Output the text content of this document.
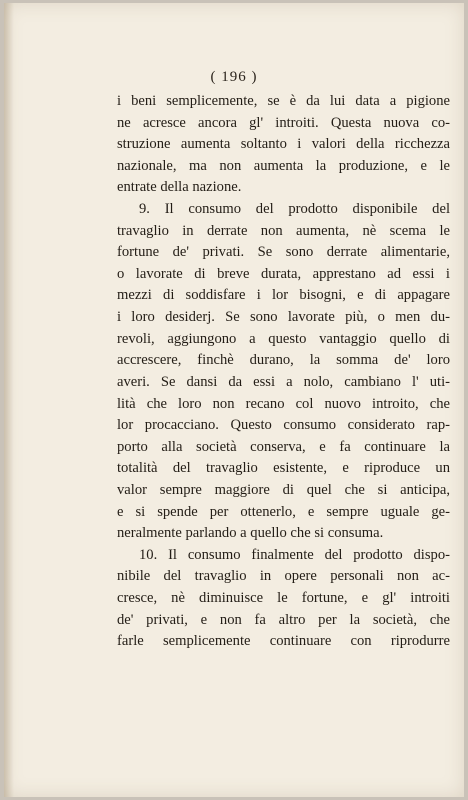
( 196 )
i beni semplicemente, se è da lui data a pigione
ne acresce ancora gl' introiti. Questa nuova co-
struzione aumenta soltanto i valori della ricchezza
nazionale, ma non aumenta la produzione, e le
entrate della nazione.
9. Il consumo del prodotto disponibile del
travaglio in derrate non aumenta, nè scema le
fortune de' privati. Se sono derrate alimentarie,
o lavorate di breve durata, apprestano ad essi i
mezzi di soddisfare i lor bisogni, e di appagare
i loro desiderj. Se sono lavorate più, o men du-
revoli, aggiungono a questo vantaggio quello di
accrescere, finchè durano, la somma de' loro
averi. Se dansi da essi a nolo, cambiano l' uti-
lità che loro non recano col nuovo introito, che
lor procacciano. Questo consumo considerato rap-
porto alla società conserva, e fa continuare la
totalità del travaglio esistente, e riproduce un
valor sempre maggiore di quel che si anticipa,
e si spende per ottenerlo, e sempre uguale ge-
neralmente parlando a quello che si consuma.
10. Il consumo finalmente del prodotto dispo-
nibile del travaglio in opere personali non ac-
cresce, nè diminuisce le fortune, e gl' introiti
de' privati, e non fa altro per la società, che
farle semplicemente continuare con riprodurre
